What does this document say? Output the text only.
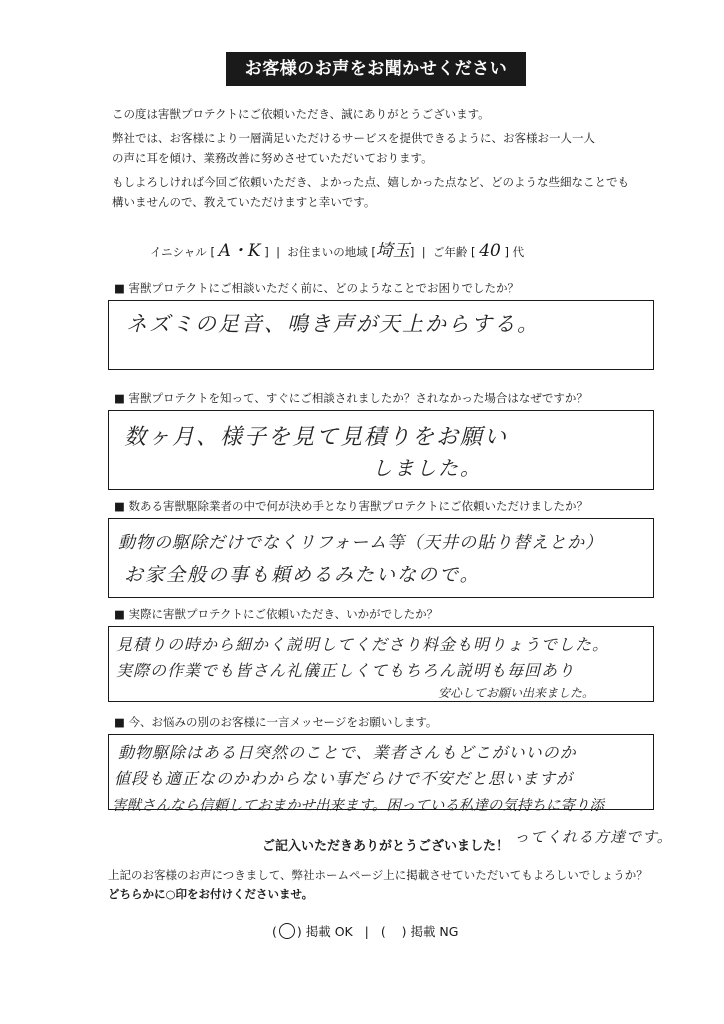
お客様のお声をお聞かせください

この度は害獣プロテクトにご依頼いただき、誠にありがとうございます。

弊社では、お客様により一層満足いただけるサービスを提供できるように、お客様お一人一人

の声に耳を傾け、業務改善に努めさせていただいております。

もしよろしければ今回ご依頼いただき、よかった点、嬉しかった点など、どのような些細なことでも

構いませんので、教えていただけますと幸いです。

イニシャル [ A・K ]  |  お住まいの地域 [埼玉]  |  ご年齢 [ 40 ] 代
■ 害獣プロテクトにご相談いただく前に、どのようなことでお困りでしたか？
ネズミの足音、鳴き声が天上からする。
■ 害獣プロテクトを知って、すぐにご相談されましたか？されなかった場合はなぜですか？
数ヶ月、様子を見て見積りをお願い
しました。
■ 数ある害獣駆除業者の中で何が決め手となり害獣プロテクトにご依頼いただけましたか？
動物の駆除だけでなくリフォーム等（天井の貼り替えとか）
お家全般の事も頼めるみたいなので。
■ 実際に害獣プロテクトにご依頼いただき、いかがでしたか？
見積りの時から細かく説明してくださり料金も明りょうでした。
実際の作業でも皆さん礼儀正しくてもちろん説明も毎回あり
安心してお願い出来ました。
■ 今、お悩みの別のお客様に一言メッセージをお願いします。
動物駆除はある日突然のことで、業者さんもどこがいいのか
値段も適正なのかわからない事だらけで不安だと思いますが
害獣さんなら信頼しておまかせ出来ます。困っている私達の気持ちに寄り添
ってくれる方達です。
ご記入いただきありがとうございました！
上記のお客様のお声につきまして、弊社ホームページ上に掲載させていただいてもよろしいでしょうか？
どちらかに○印をお付けくださいませ。
( ○ ) 掲載 OK   |   (    ) 掲載 NG
